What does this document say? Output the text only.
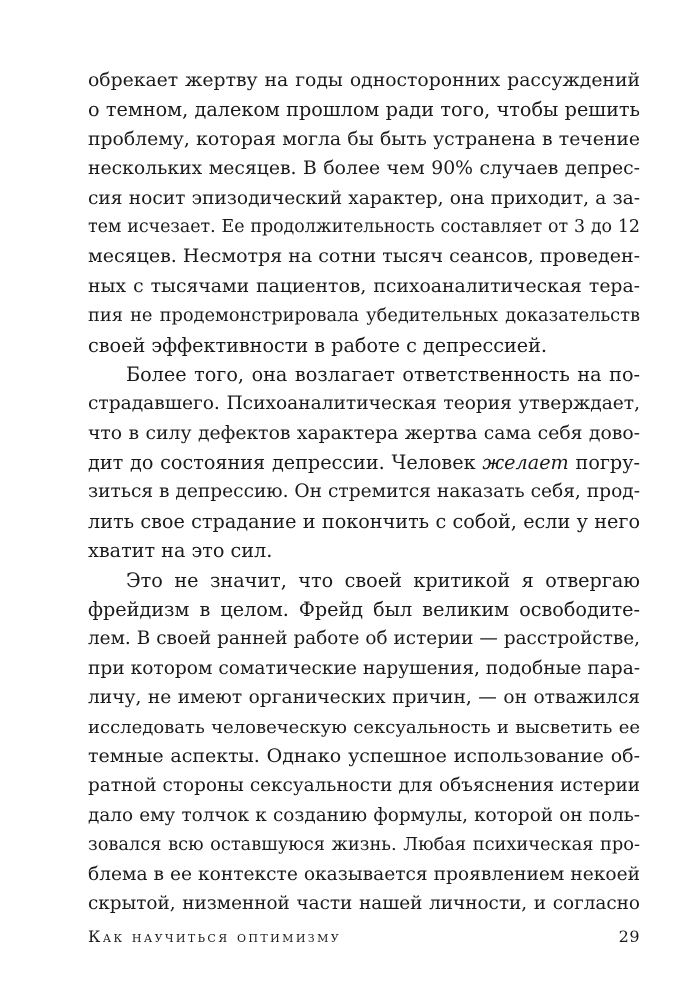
обрекает жертву на годы односторонних рассуждений
о темном, далеком прошлом ради того, чтобы решить
проблему, которая могла бы быть устранена в течение
нескольких месяцев. В более чем 90% случаев депрес-
сия носит эпизодический характер, она приходит, а за-
тем исчезает. Ее продолжительность составляет от 3 до 12
месяцев. Несмотря на сотни тысяч сеансов, проведен-
ных с тысячами пациентов, психоаналитическая тера-
пия не продемонстрировала убедительных доказательств
своей эффективности в работе с депрессией.
Более того, она возлагает ответственность на по-
страдавшего. Психоаналитическая теория утверждает,
что в силу дефектов характера жертва сама себя дово-
дит до состояния депрессии. Человек желает погру-
зиться в депрессию. Он стремится наказать себя, прод-
лить свое страдание и покончить с собой, если у него
хватит на это сил.
Это не значит, что своей критикой я отвергаю
фрейдизм в целом. Фрейд был великим освободите-
лем. В своей ранней работе об истерии — расстройстве,
при котором соматические нарушения, подобные пара-
личу, не имеют органических причин, — он отважился
исследовать человеческую сексуальность и высветить ее
темные аспекты. Однако успешное использование об-
ратной стороны сексуальности для объяснения истерии
дало ему толчок к созданию формулы, которой он поль-
зовался всю оставшуюся жизнь. Любая психическая про-
блема в ее контексте оказывается проявлением некоей
скрытой, низменной части нашей личности, и согласно
Как научиться оптимизму	29
